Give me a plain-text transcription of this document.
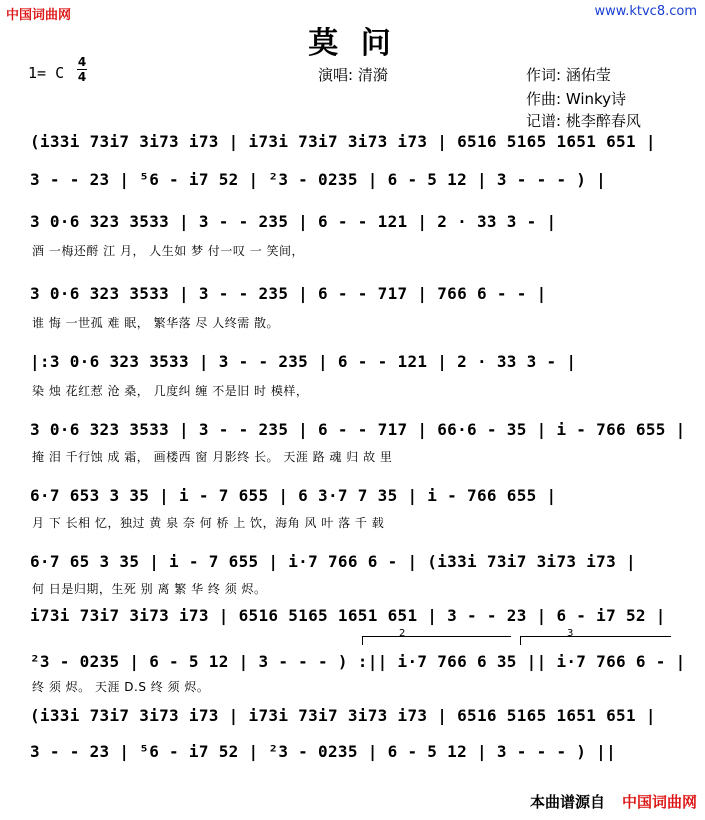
中国词曲网	www.ktvc8.com
莫 问
1= C
4
4	演唱: 清漪	作词: 涵佑莹
作曲: Winky诗
记谱: 桃李醉春风
(i33i 73i7 3i73 i73 | i73i 73i7 3i73 i73 | 6516 5165 1651 651 |
3 - - 23 | ⁵6 - i7 52 | ²3 - 0235 | 6 - 5 12 | 3 - - - ) |
3 0·6 323 3533 | 3 - - 235 | 6 - - 121 | 2 · 33 3 - |
酒 一梅还酹 江 月， 人生如 梦 付一叹 一 笑间，
3 0·6 323 3533 | 3 - - 235 | 6 - - 717 | 766 6 - - |
谁 悔 一世孤 难 眠， 繁华落 尽 人终需 散。
|:3 0·6 323 3533 | 3 - - 235 | 6 - - 121 | 2 · 33 3 - |
染 烛 花红惹 沧 桑， 几度纠 缠 不是旧 时 模样，
3 0·6 323 3533 | 3 - - 235 | 6 - - 717 | 66·6 - 35 | i - 766 655 |
掩 泪 千行蚀 成 霜， 画楼西 窗 月影终 长。 天涯 路 魂 归 故 里
6·7 653 3 35 | i - 7 655 | 6 3·7 7 35 | i - 766 655 |
月 下 长相 忆，独过 黄 泉 奈 何 桥 上 饮，海角 风 叶 落 千 载
6·7 65 3 35 | i - 7 655 | i·7 766 6 - | (i33i 73i7 3i73 i73 |
何 日是归期，生死 别 离 繁 华 终 须 烬。
i73i 73i7 3i73 i73 | 6516 5165 1651 651 | 3 - - 23 | 6 - i7 52 |
2	3
²3 - 0235 | 6 - 5 12 | 3 - - - ) :|| i·7 766 6 35 || i·7 766 6 - |
终 须 烬。 天涯 D.S 终 须 烬。
(i33i 73i7 3i73 i73 | i73i 73i7 3i73 i73 | 6516 5165 1651 651 |
3 - - 23 | ⁵6 - i7 52 | ²3 - 0235 | 6 - 5 12 | 3 - - - ) ||
本曲谱源自 中国词曲网
